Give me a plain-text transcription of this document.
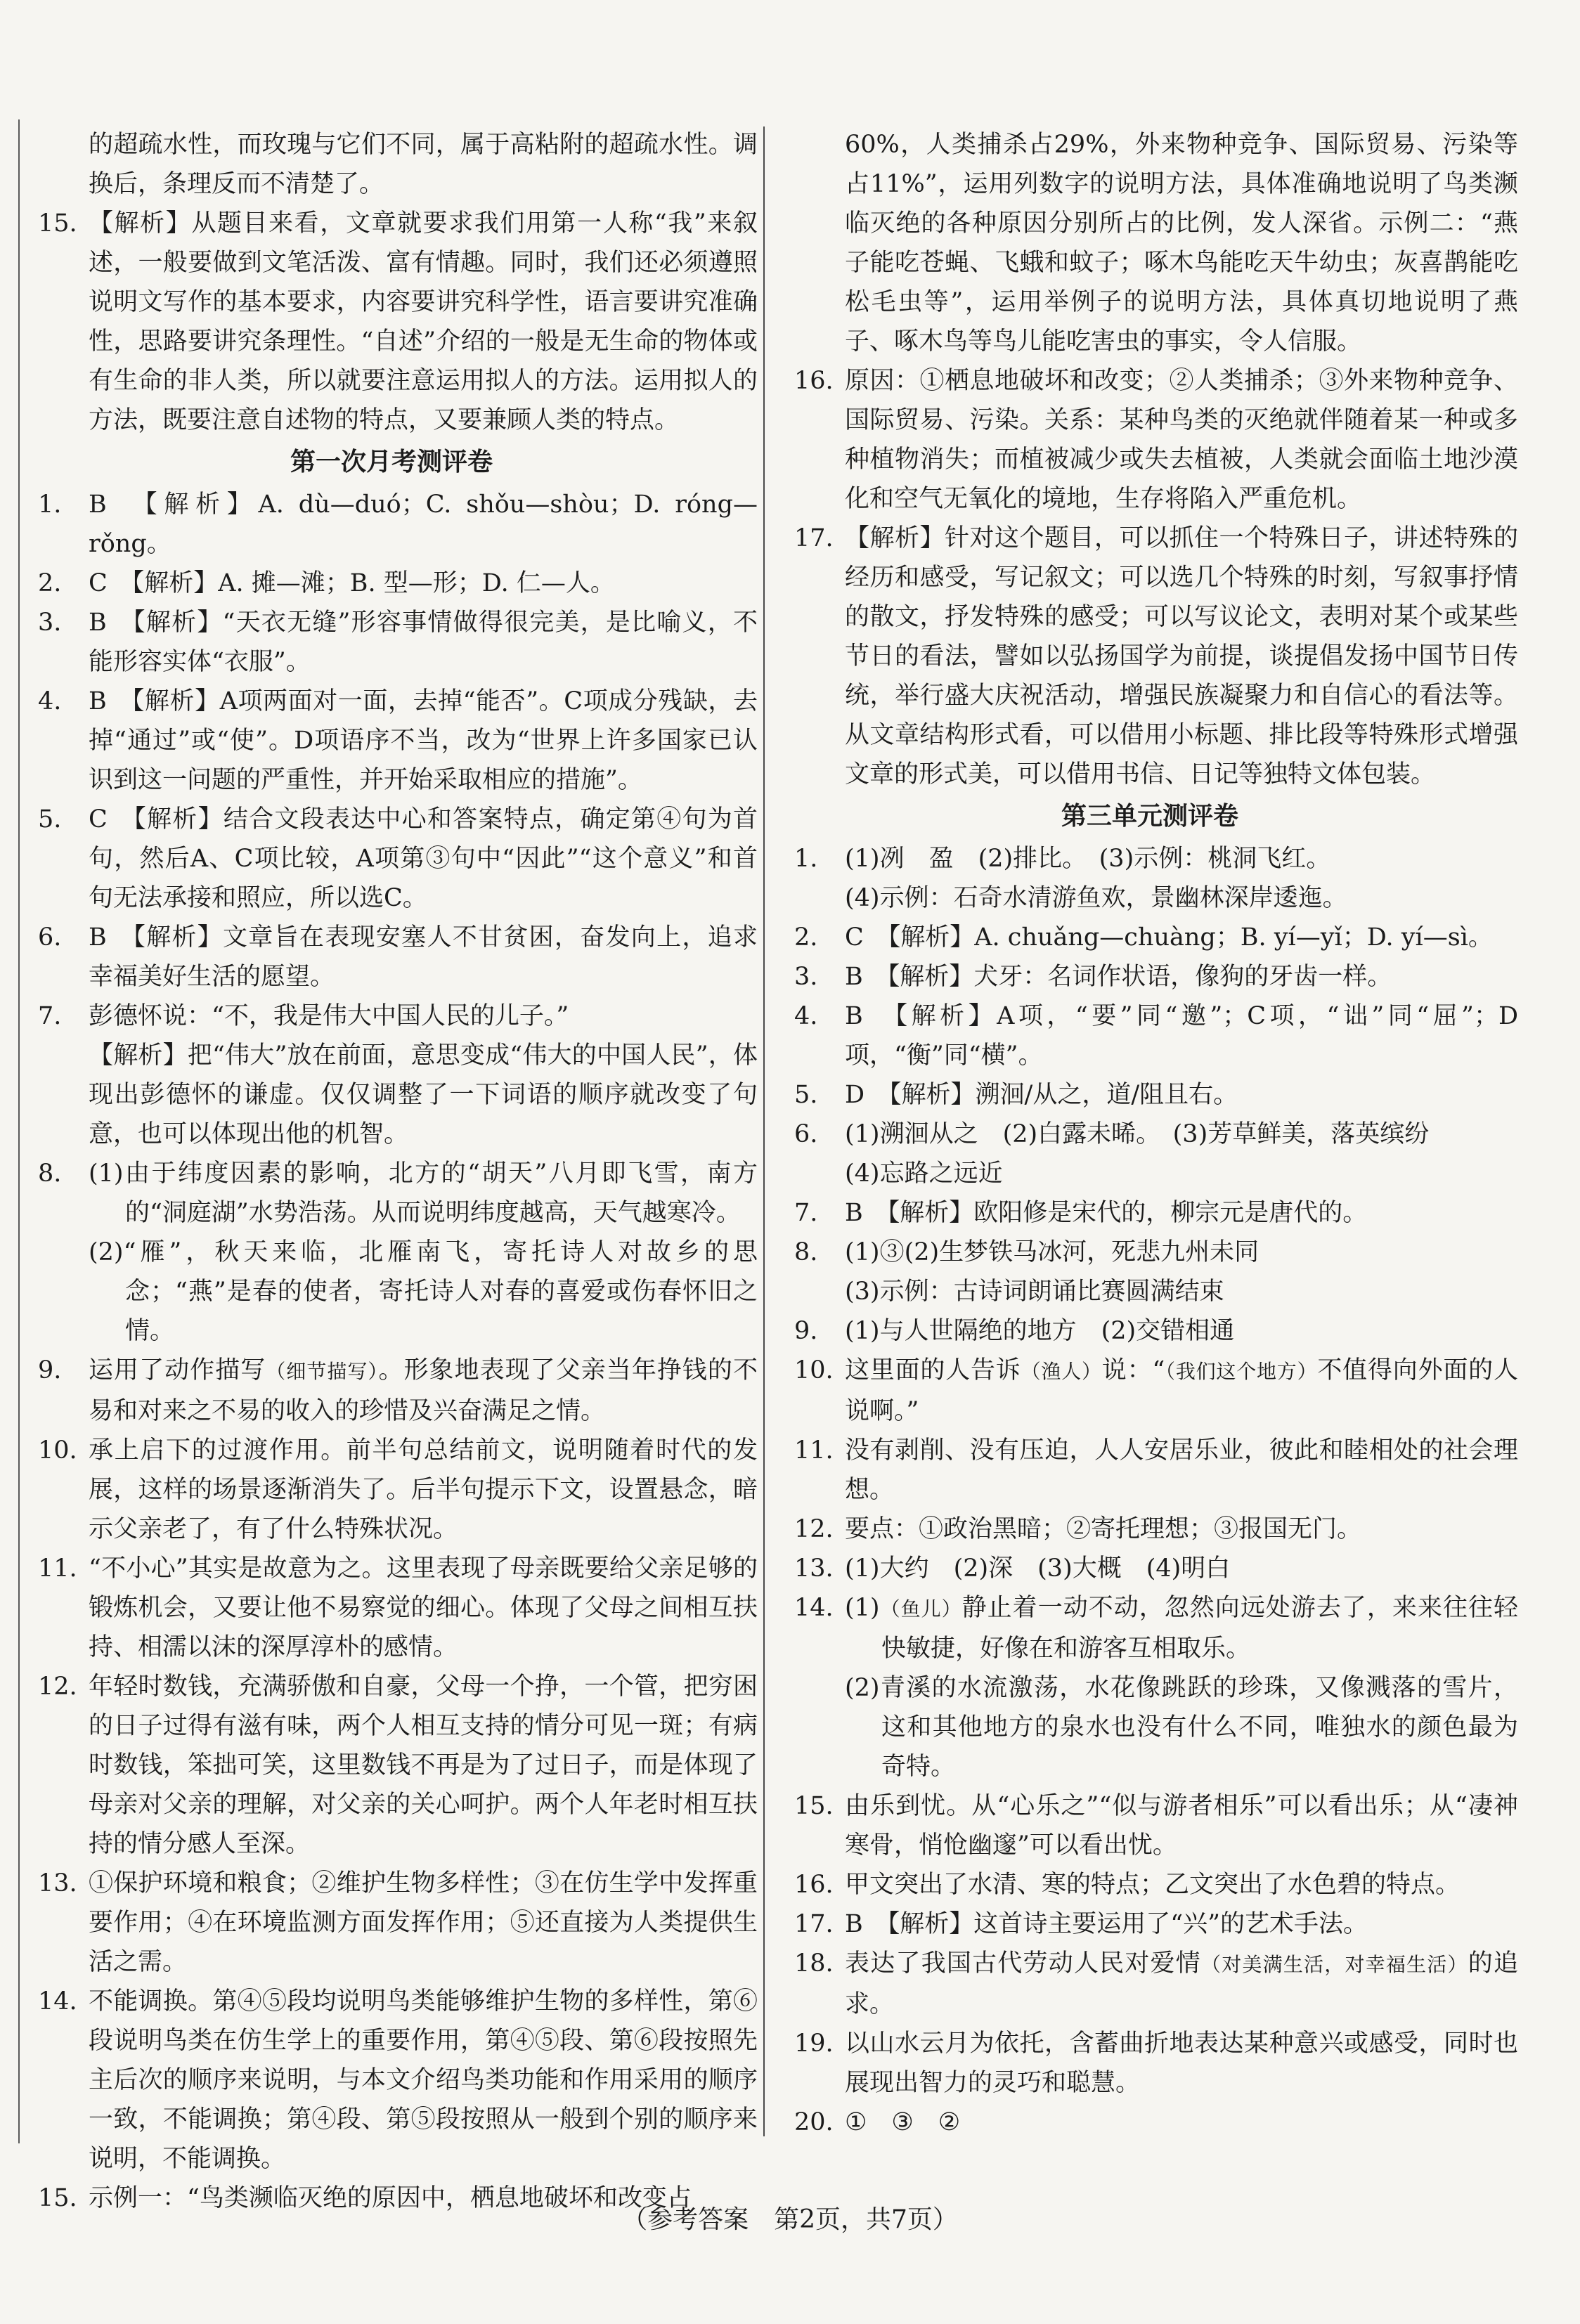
的超疏水性，而玫瑰与它们不同，属于高粘附的超疏水性。调换后，条理反而不清楚了。
15. 【解析】从题目来看，文章就要求我们用第一人称“我”来叙述，一般要做到文笔活泼、富有情趣。同时，我们还必须遵照说明文写作的基本要求，内容要讲究科学性，语言要讲究准确性，思路要讲究条理性。“自述”介绍的一般是无生命的物体或有生命的非人类，所以就要注意运用拟人的方法。运用拟人的方法，既要注意自述物的特点，又要兼顾人类的特点。
第一次月考测评卷
1.	B　【解析】A. dù—duó；C. shǒu—shòu；D. róng—rǒng。
2.	C　【解析】A. 摊—滩；B. 型—形；D. 仁—人。
3.	B　【解析】“天衣无缝”形容事情做得很完美，是比喻义，不能形容实体“衣服”。
4.	B　【解析】A项两面对一面，去掉“能否”。C项成分残缺，去掉“通过”或“使”。D项语序不当，改为“世界上许多国家已认识到这一问题的严重性，并开始采取相应的措施”。
5.	C　【解析】结合文段表达中心和答案特点，确定第④句为首句，然后A、C项比较，A项第③句中“因此”“这个意义”和首句无法承接和照应，所以选C。
6.	B　【解析】文章旨在表现安塞人不甘贫困，奋发向上，追求幸福美好生活的愿望。
7.	彭德怀说：“不，我是伟大中国人民的儿子。”
【解析】把“伟大”放在前面，意思变成“伟大的中国人民”，体现出彭德怀的谦虚。仅仅调整了一下词语的顺序就改变了句意，也可以体现出他的机智。
8.	(1)由于纬度因素的影响，北方的“胡天”八月即飞雪，南方的“洞庭湖”水势浩荡。从而说明纬度越高，天气越寒冷。
(2)“雁”，秋天来临，北雁南飞，寄托诗人对故乡的思念；“燕”是春的使者，寄托诗人对春的喜爱或伤春怀旧之情。
9.	运用了动作描写（细节描写）。形象地表现了父亲当年挣钱的不易和对来之不易的收入的珍惜及兴奋满足之情。
10. 承上启下的过渡作用。前半句总结前文，说明随着时代的发展，这样的场景逐渐消失了。后半句提示下文，设置悬念，暗示父亲老了，有了什么特殊状况。
11. “不小心”其实是故意为之。这里表现了母亲既要给父亲足够的锻炼机会，又要让他不易察觉的细心。体现了父母之间相互扶持、相濡以沫的深厚淳朴的感情。
12. 年轻时数钱，充满骄傲和自豪，父母一个挣，一个管，把穷困的日子过得有滋有味，两个人相互支持的情分可见一斑；有病时数钱，笨拙可笑，这里数钱不再是为了过日子，而是体现了母亲对父亲的理解，对父亲的关心呵护。两个人年老时相互扶持的情分感人至深。
13. ①保护环境和粮食；②维护生物多样性；③在仿生学中发挥重要作用；④在环境监测方面发挥作用；⑤还直接为人类提供生活之需。
14. 不能调换。第④⑤段均说明鸟类能够维护生物的多样性，第⑥段说明鸟类在仿生学上的重要作用，第④⑤段、第⑥段按照先主后次的顺序来说明，与本文介绍鸟类功能和作用采用的顺序一致，不能调换；第④段、第⑤段按照从一般到个别的顺序来说明，不能调换。
15. 示例一：“鸟类濒临灭绝的原因中，栖息地破坏和改变占
60%，人类捕杀占29%，外来物种竞争、国际贸易、污染等占11%”，运用列数字的说明方法，具体准确地说明了鸟类濒临灭绝的各种原因分别所占的比例，发人深省。示例二：“燕子能吃苍蝇、飞蛾和蚊子；啄木鸟能吃天牛幼虫；灰喜鹊能吃松毛虫等”，运用举例子的说明方法，具体真切地说明了燕子、啄木鸟等鸟儿能吃害虫的事实，令人信服。
16. 原因：①栖息地破坏和改变；②人类捕杀；③外来物种竞争、国际贸易、污染。关系：某种鸟类的灭绝就伴随着某一种或多种植物消失；而植被减少或失去植被，人类就会面临土地沙漠化和空气无氧化的境地，生存将陷入严重危机。
17. 【解析】针对这个题目，可以抓住一个特殊日子，讲述特殊的经历和感受，写记叙文；可以选几个特殊的时刻，写叙事抒情的散文，抒发特殊的感受；可以写议论文，表明对某个或某些节日的看法，譬如以弘扬国学为前提，谈提倡发扬中国节日传统，举行盛大庆祝活动，增强民族凝聚力和自信心的看法等。从文章结构形式看，可以借用小标题、排比段等特殊形式增强文章的形式美，可以借用书信、日记等独特文体包装。
第三单元测评卷
1.	(1)冽　盈　(2)排比。　(3)示例：桃洞飞红。
(4)示例：石奇水清游鱼欢，景幽林深岸逶迤。
2.	C　【解析】A. chuǎng—chuàng；B. yí—yǐ；D. yí—sì。
3.	B　【解析】犬牙：名词作状语，像狗的牙齿一样。
4.	B　【解析】A项，“要”同“邀”；C项，“诎”同“屈”；D项，“衡”同“横”。
5.	D　【解析】溯洄/从之，道/阻且右。
6.	(1)溯洄从之　(2)白露未晞。　(3)芳草鲜美，落英缤纷
(4)忘路之远近
7.	B　【解析】欧阳修是宋代的，柳宗元是唐代的。
8.	(1)③(2)生梦铁马冰河，死悲九州未同
(3)示例：古诗词朗诵比赛圆满结束
9.	(1)与人世隔绝的地方　(2)交错相通
10. 这里面的人告诉（渔人）说：“（我们这个地方）不值得向外面的人说啊。”
11. 没有剥削、没有压迫，人人安居乐业，彼此和睦相处的社会理想。
12. 要点：①政治黑暗；②寄托理想；③报国无门。
13. (1)大约　(2)深　(3)大概　(4)明白
14. (1)（鱼儿）静止着一动不动，忽然向远处游去了，来来往往轻快敏捷，好像在和游客互相取乐。
(2)青溪的水流激荡，水花像跳跃的珍珠，又像溅落的雪片，这和其他地方的泉水也没有什么不同，唯独水的颜色最为奇特。
15. 由乐到忧。从“心乐之”“似与游者相乐”可以看出乐；从“凄神寒骨，悄怆幽邃”可以看出忧。
16. 甲文突出了水清、寒的特点；乙文突出了水色碧的特点。
17. B　【解析】这首诗主要运用了“兴”的艺术手法。
18. 表达了我国古代劳动人民对爱情（对美满生活，对幸福生活）的追求。
19. 以山水云月为依托，含蓄曲折地表达某种意兴或感受，同时也展现出智力的灵巧和聪慧。
20. ①　③　②
（参考答案　第2页，共7页）
